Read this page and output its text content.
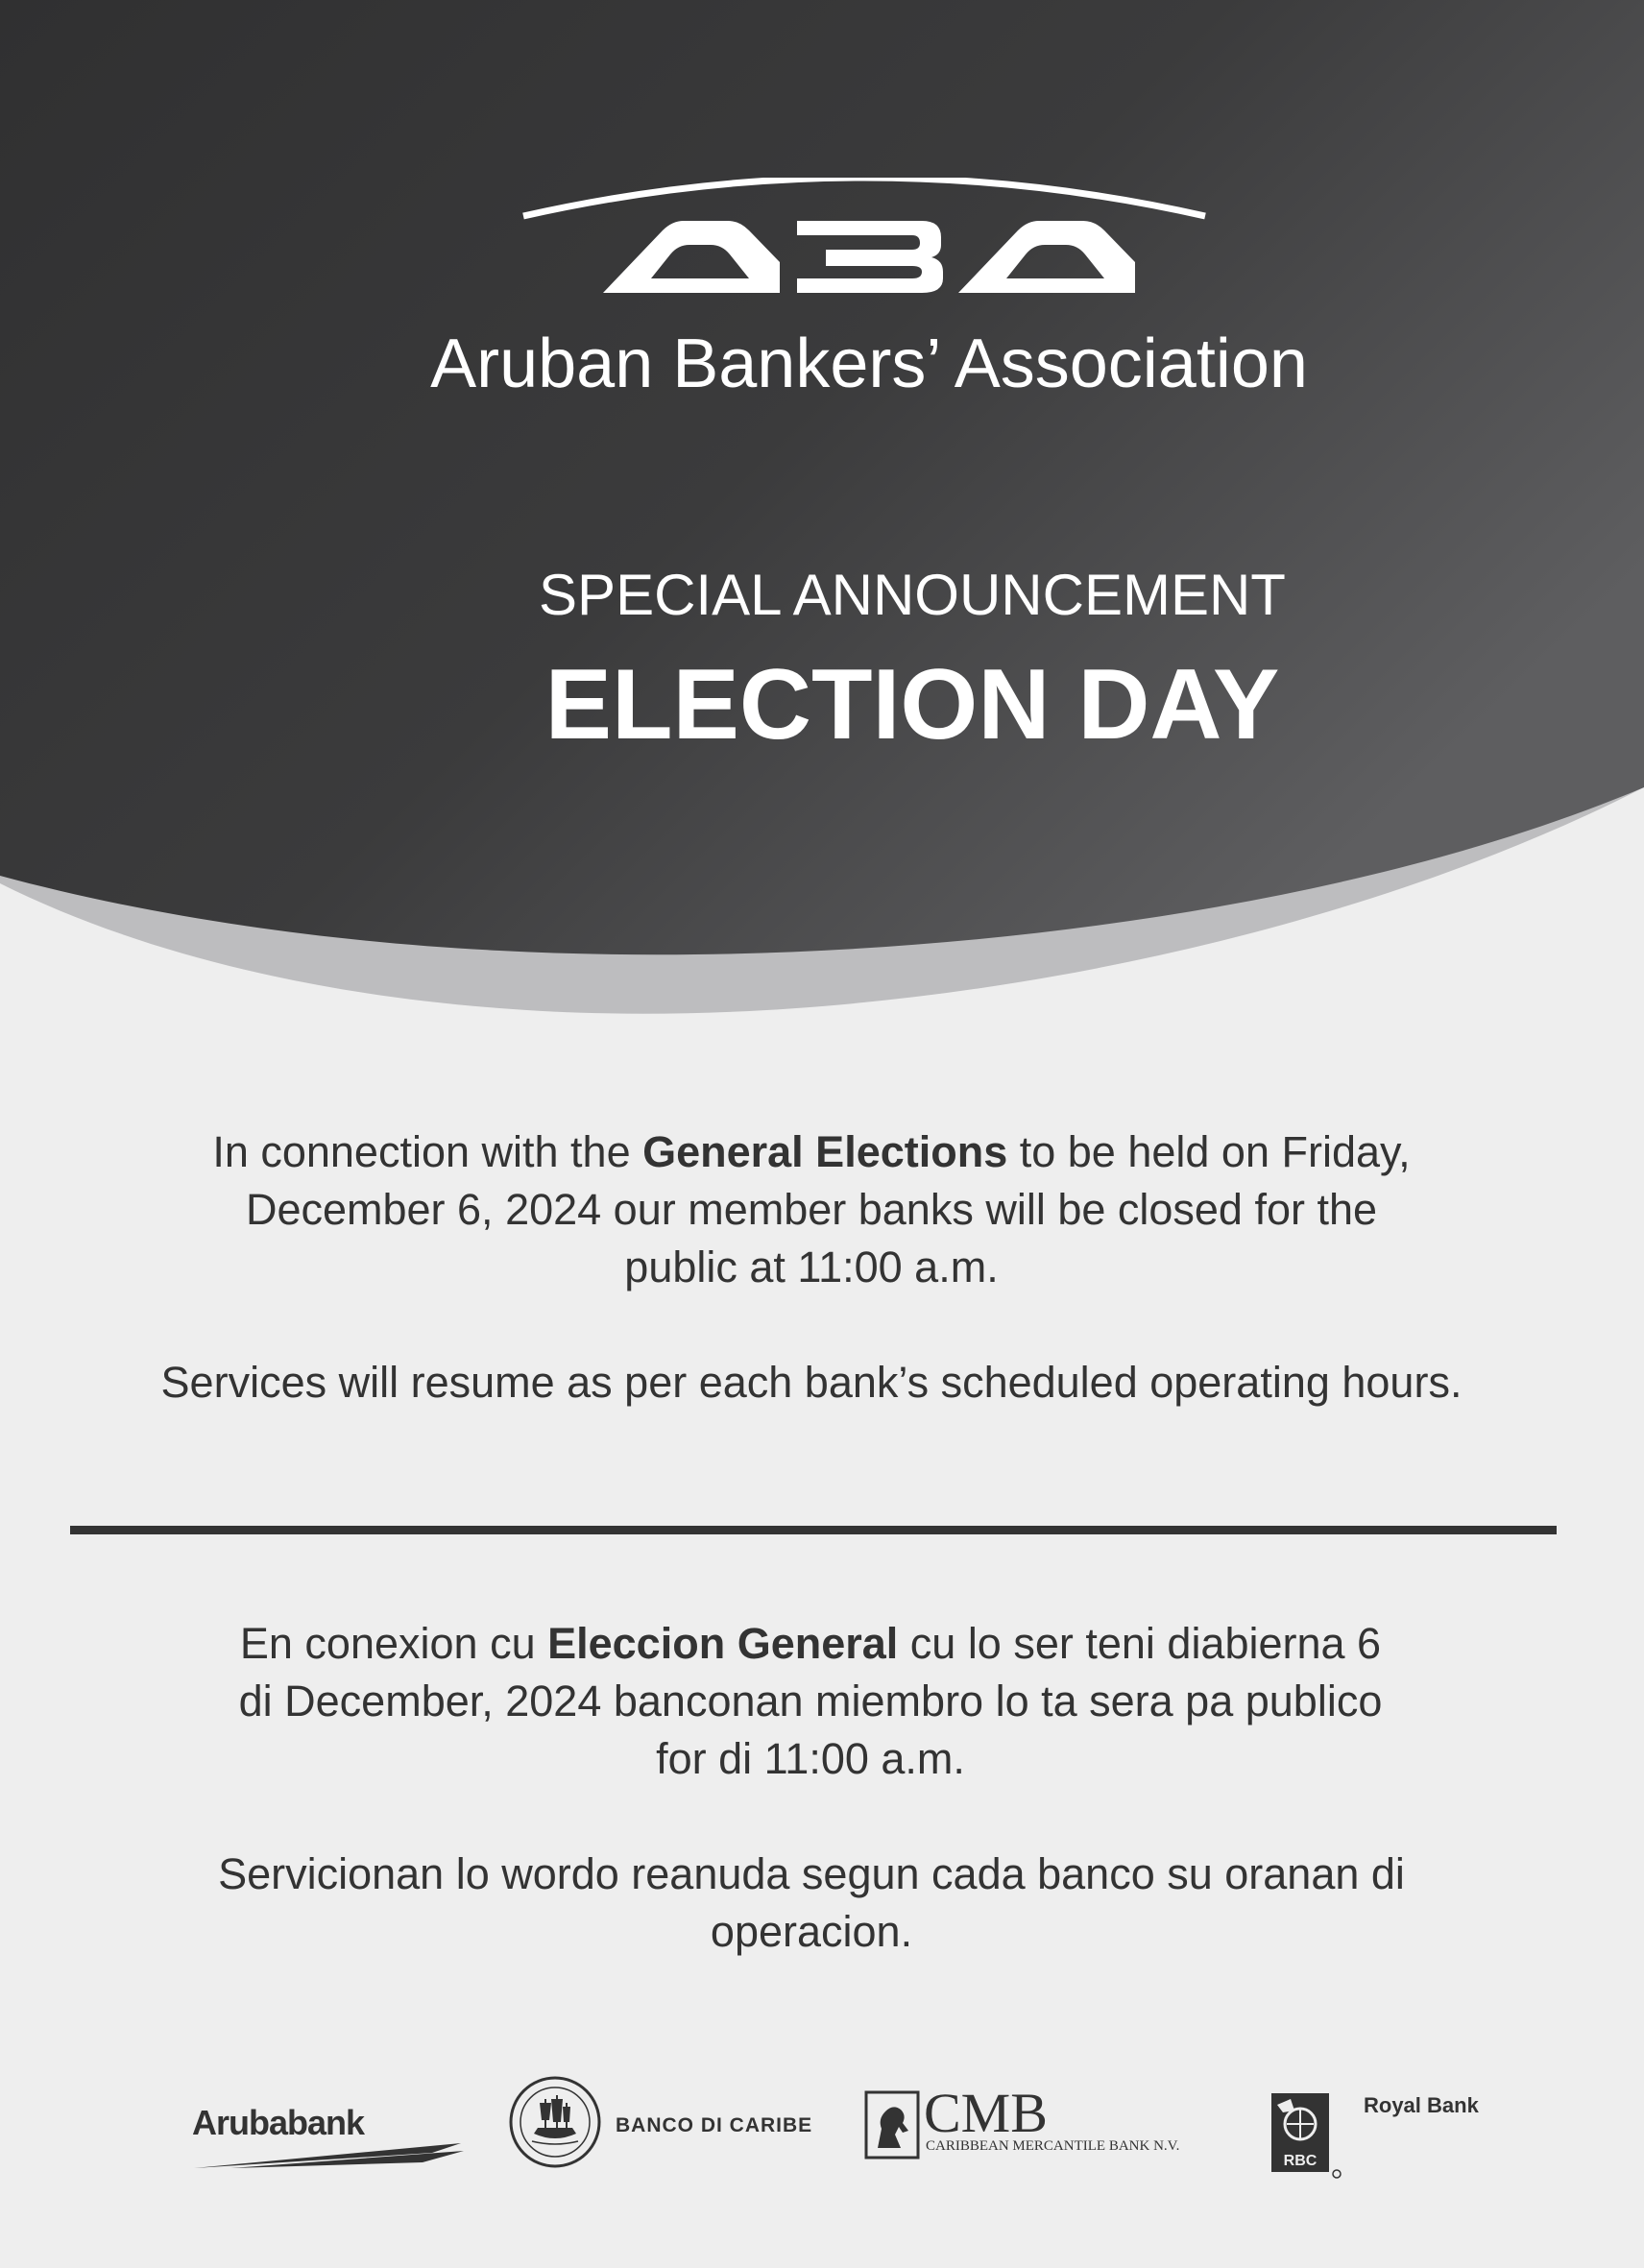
Aruban Bankers’ Association
SPECIAL ANNOUNCEMENT
ELECTION DAY
In connection with the General Elections to be held on Friday, December 6, 2024 our member banks will be closed for the public at 11:00 a.m.
Services will resume as per each bank’s scheduled operating hours.
En conexion cu Eleccion General cu lo ser teni diabierna 6 di December, 2024 banconan miembro lo ta sera pa publico for di 11:00 a.m.
Servicionan lo wordo reanuda segun cada banco su oranan di operacion.
Arubabank	BANCO DI CARIBE CMB
CARIBBEAN MERCANTILE BANK N.V.
RBC
Royal Bank
